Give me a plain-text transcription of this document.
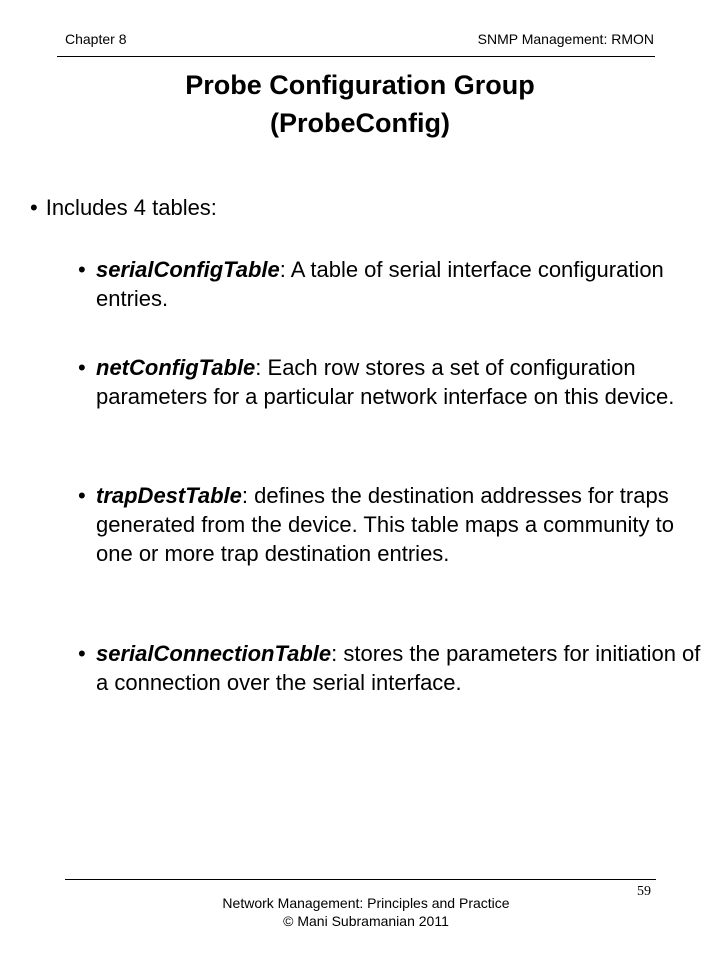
Chapter 8	SNMP Management: RMON
Probe Configuration Group
(ProbeConfig)
• Includes 4 tables:
• serialConfigTable: A table of serial interface configuration entries.
• netConfigTable: Each row stores a set of configuration parameters for a particular network interface on this device.
• trapDestTable: defines the destination addresses for traps generated from the device. This table maps a community to one or more trap destination entries.
• serialConnectionTable: stores the parameters for initiation of a connection over the serial interface.
59
Network Management: Principles and Practice
© Mani Subramanian 2011
